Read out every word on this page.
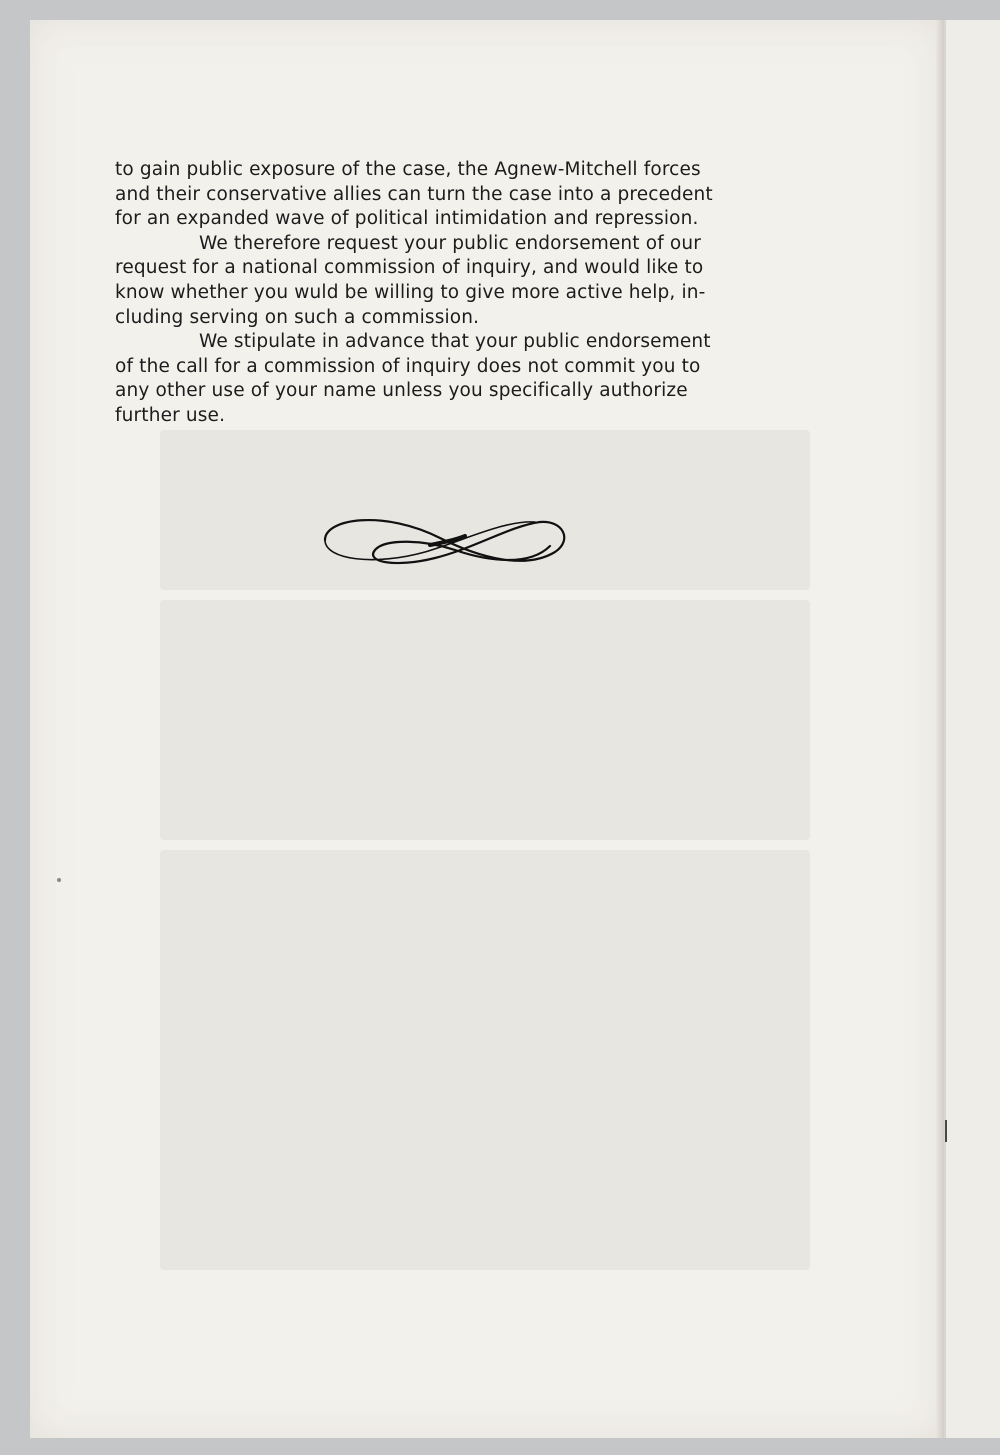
to gain public exposure of the case, the Agnew-Mitchell forces
and their conservative allies can turn the case into a precedent
for an expanded wave of political intimidation and repression.
We therefore request your public endorsement of our
request for a national commission of inquiry, and would like to
know whether you wuld be willing to give more active help, in-
cluding serving on such a commission.
We stipulate in advance that your public endorsement
of the call for a commission of inquiry does not commit you to
any other use of your name unless you specifically authorize
further use.
